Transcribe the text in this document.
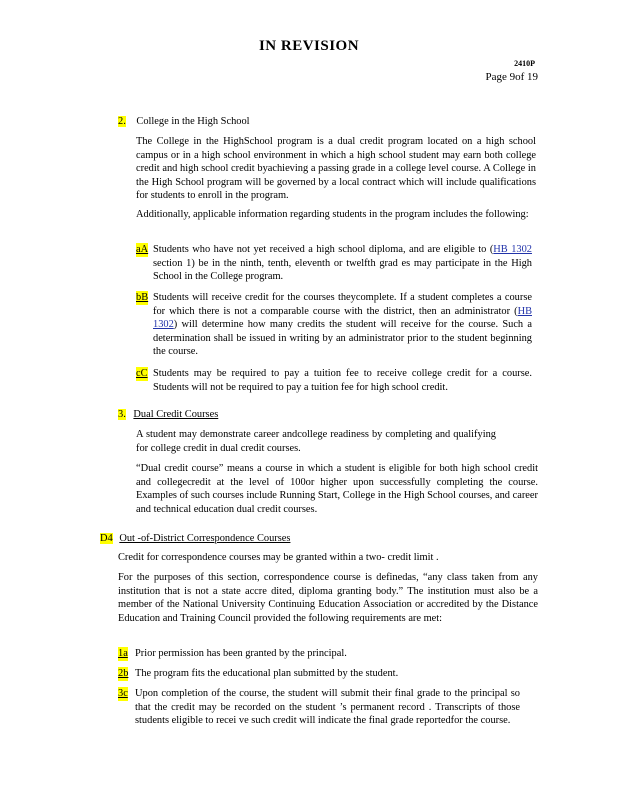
IN REVISION
2410P
Page 9of 19
2. College in the High School
The College in the HighSchool program is a dual credit program located on a high school campus or in a high school environment in which a high school student may earn both college credit and high school credit byachieving a passing grade in a college level course. A College in the High School program will be governed by a local contract which will include qualifications for students to enroll in the program.
Additionally, applicable information regarding students in the program includes the following:
aA Students who have not yet received a high school diploma, and are eligible to (HB 1302 section 1) be in the ninth, tenth, eleventh or twelfth grad es may participate in the High School in the College program.
bB Students will receive credit for the courses theycomplete. If a student completes a course for which there is not a comparable course with the district, then an administrator (HB 1302) will determine how many credits the student will receive for the course. Such a determination shall be issued in writing by an administrator prior to the student beginning the course.
cC Students may be required to pay a tuition fee to receive college credit for a course. Students will not be required to pay a tuition fee for high school credit.
3. Dual Credit Courses
A student may demonstrate career andcollege readiness by completing and qualifying for college credit in dual credit courses.
“Dual credit course” means a course in which a student is eligible for both high school credit and collegecredit at the level of 100or higher upon successfully completing the course. Examples of such courses include Running Start, College in the High School courses, and career and technical education dual credit courses.
D4 Out -of-District Correspondence Courses
Credit for correspondence courses may be granted within a two- credit limit .
For the purposes of this section, correspondence course is definedas, “any class taken from any institution that is not a state accre dited, diploma granting body.” The institution must also be a member of the National University Continuing Education Association or accredited by the Distance Education and Training Council provided the following requirements are met:
1a Prior permission has been granted by the principal.
2b The program fits the educational plan submitted by the student.
3c Upon completion of the course, the student will submit their final grade to the principal so that the credit may be recorded on the student ’s permanent record . Transcripts of those students eligible to recei ve such credit will indicate the final grade reportedfor the course.
